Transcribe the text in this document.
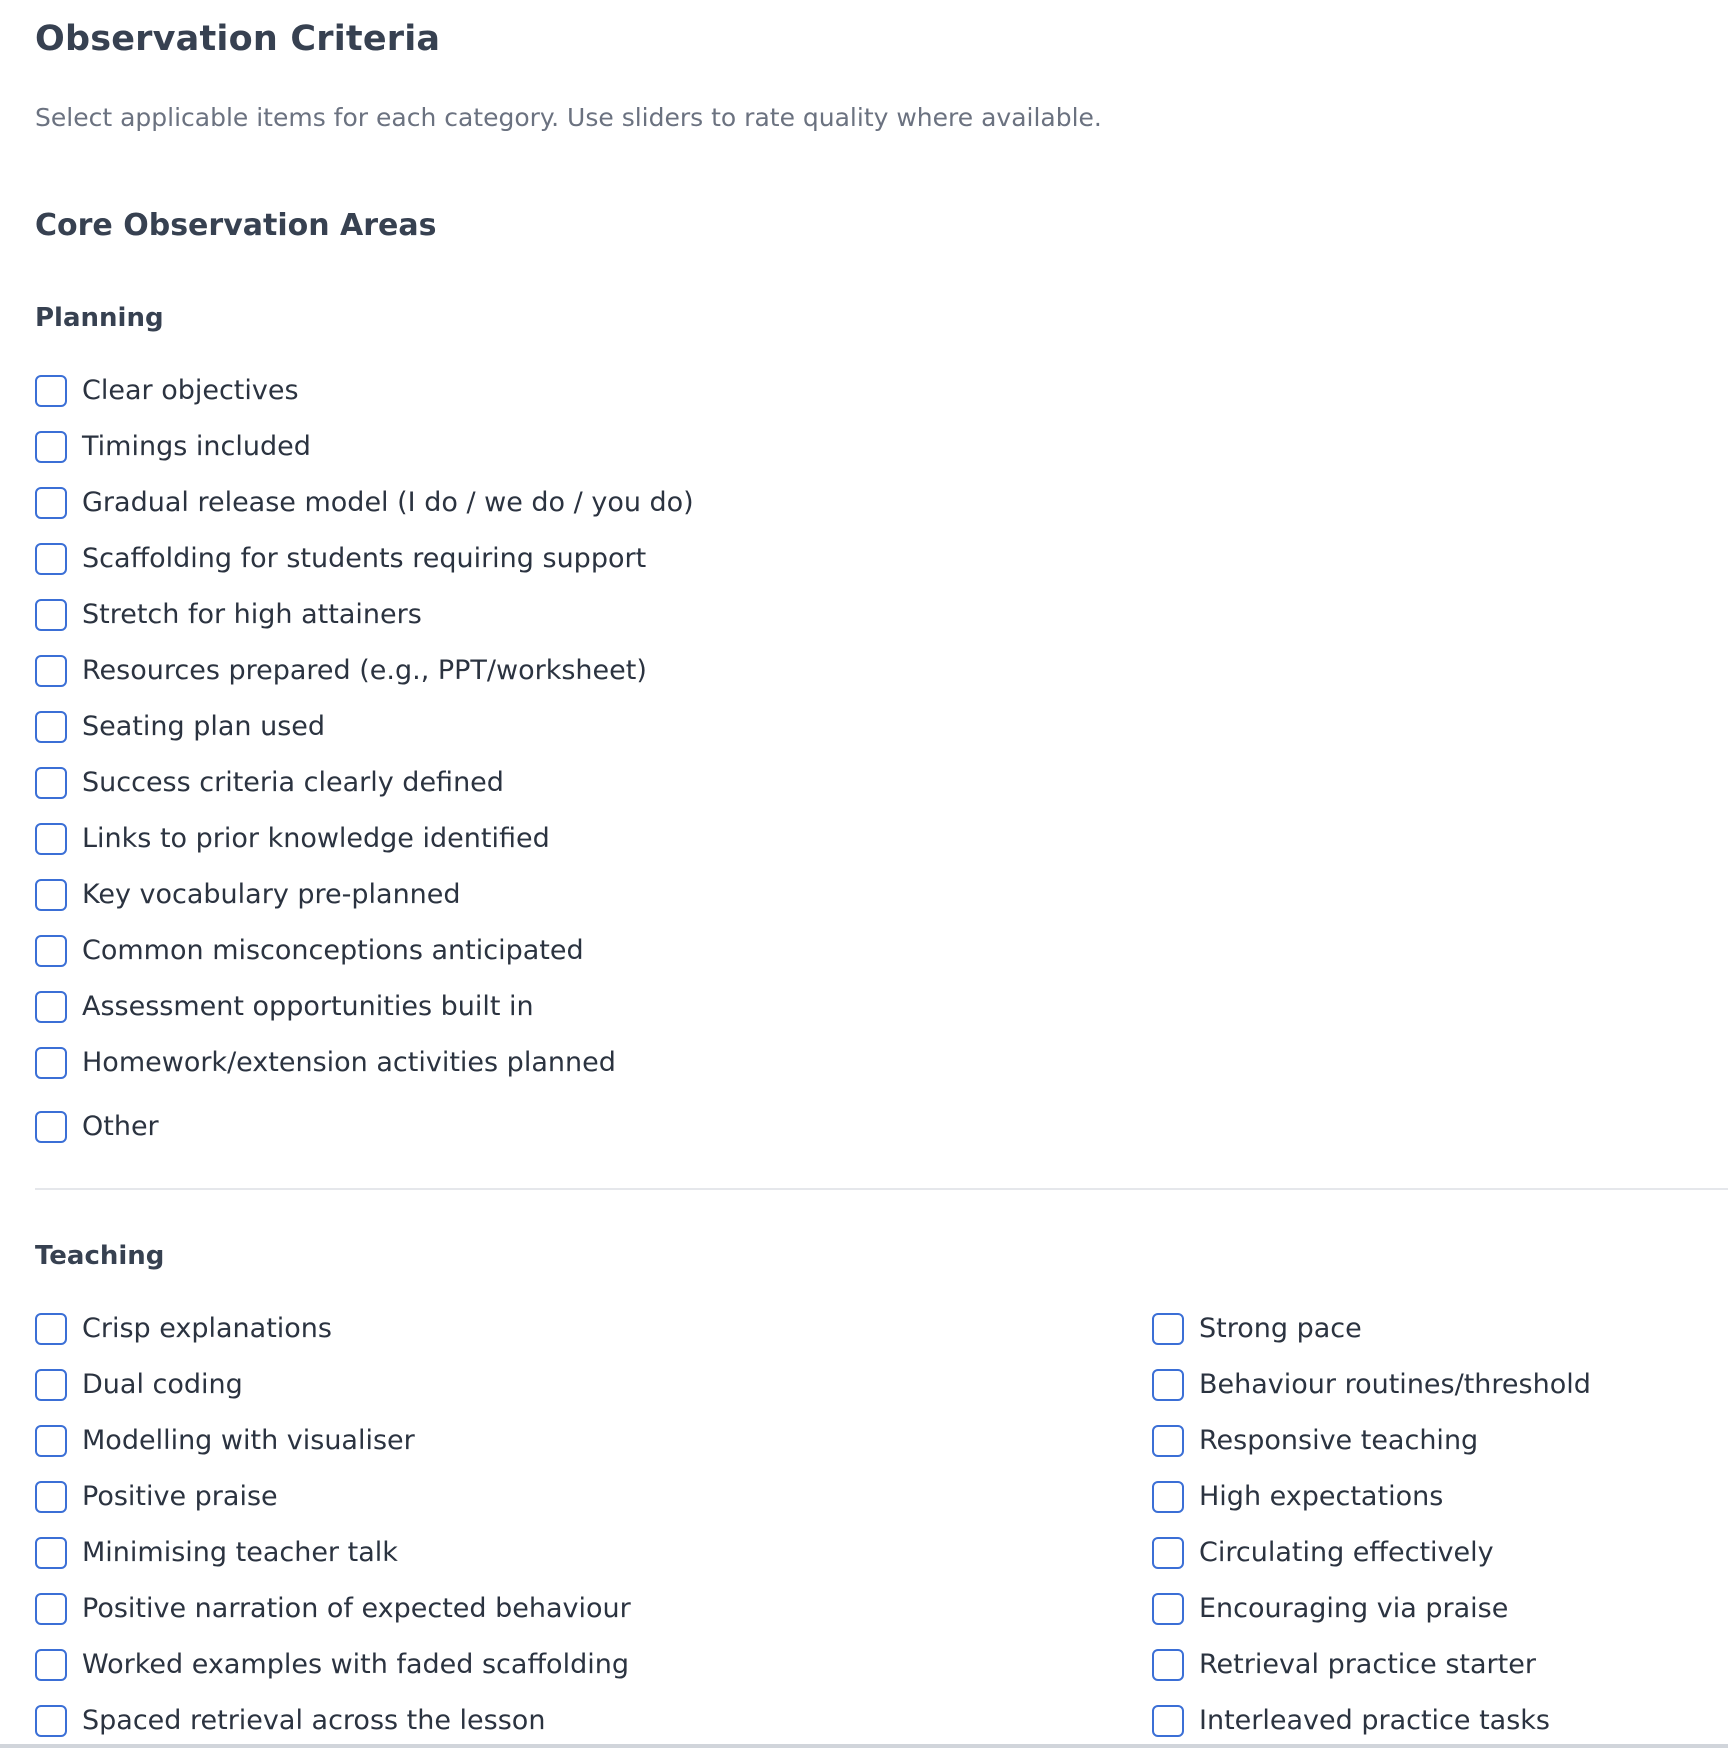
Observation Criteria

Select applicable items for each category. Use sliders to rate quality where available.

Core Observation Areas
Planning
Clear objectives
Timings included
Gradual release model (I do / we do / you do)
Scaffolding for students requiring support
Stretch for high attainers
Resources prepared (e.g., PPT/worksheet)
Seating plan used
Success criteria clearly defined
Links to prior knowledge identified
Key vocabulary pre-planned
Common misconceptions anticipated
Assessment opportunities built in
Homework/extension activities planned
Other
Teaching
Crisp explanations
Dual coding
Modelling with visualiser
Positive praise
Minimising teacher talk
Positive narration of expected behaviour
Worked examples with faded scaffolding
Spaced retrieval across the lesson
Strong pace
Behaviour routines/threshold
Responsive teaching
High expectations
Circulating effectively
Encouraging via praise
Retrieval practice starter
Interleaved practice tasks
